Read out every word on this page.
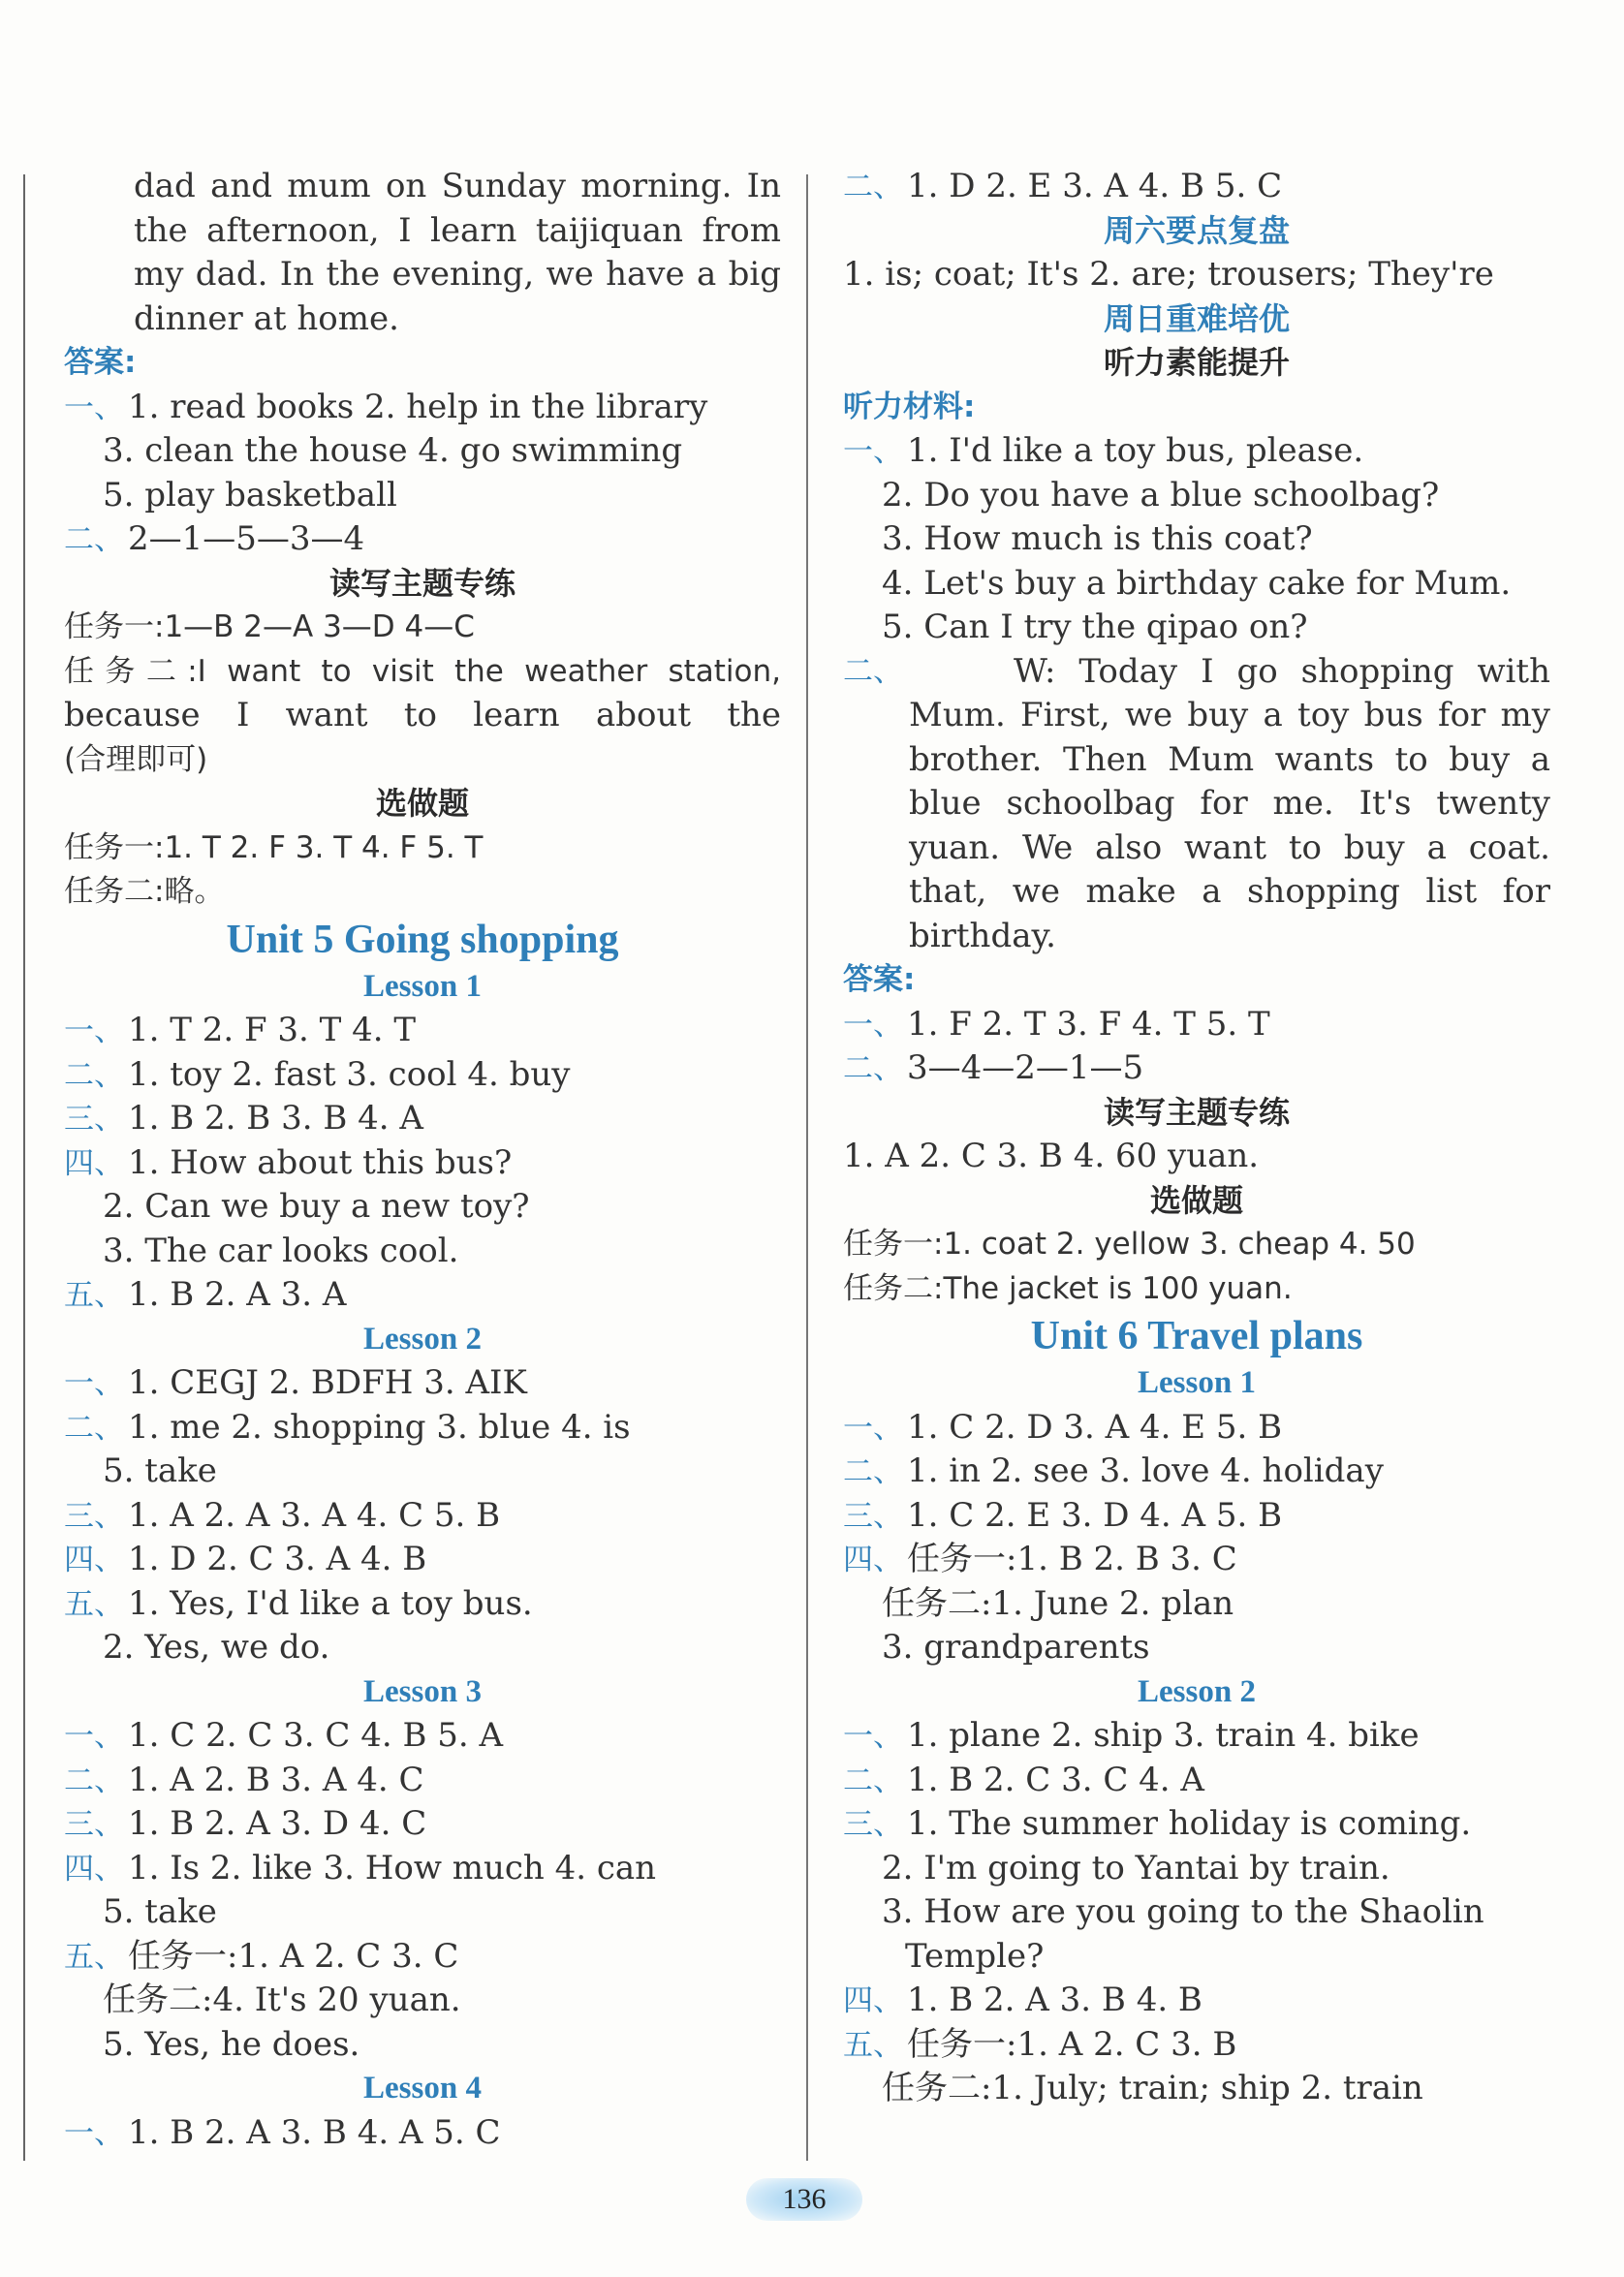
dad and mum on Sunday morning. In
the afternoon, I learn taijiquan from
my dad. In the evening, we have a big
dinner at home.
答案:
一、 1. read books 2. help in the library
3. clean the house 4. go swimming
5. play basketball
二、 2—1—5—3—4
读写主题专练
任务一:1—B 2—A 3—D 4—C
任务二:I want to visit the weather station,
because I want to learn about the
(合理即可)
选做题
任务一:1. T 2. F 3. T 4. F 5. T
任务二:略。
Unit 5 Going shopping
Lesson 1
一、 1. T 2. F 3. T 4. T
二、 1. toy 2. fast 3. cool 4. buy
三、 1. B 2. B 3. B 4. A
四、 1. How about this bus?
2. Can we buy a new toy?
3. The car looks cool.
五、 1. B 2. A 3. A
Lesson 2
一、 1. CEGJ 2. BDFH 3. AIK
二、 1. me 2. shopping 3. blue 4. is
5. take
三、 1. A 2. A 3. A 4. C 5. B
四、 1. D 2. C 3. A 4. B
五、 1. Yes, I'd like a toy bus.
2. Yes, we do.
Lesson 3
一、 1. C 2. C 3. C 4. B 5. A
二、 1. A 2. B 3. A 4. C
三、 1. B 2. A 3. D 4. C
四、 1. Is 2. like 3. How much 4. can
5. take
五、 任务一:1. A 2. C 3. C
任务二:4. It's 20 yuan.
5. Yes, he does.
Lesson 4
一、 1. B 2. A 3. B 4. A 5. C
二、 1. D 2. E 3. A 4. B 5. C
周六要点复盘
1. is; coat; It's 2. are; trousers; They're
周日重难培优
听力素能提升
听力材料:
一、 1. I'd like a toy bus, please.
2. Do you have a blue schoolbag?
3. How much is this coat?
4. Let's buy a birthday cake for Mum.
5. Can I try the qipao on?
二、	W: Today I go shopping with
Mum. First, we buy a toy bus for my
brother. Then Mum wants to buy a
blue schoolbag for me. It's twenty
yuan. We also want to buy a coat.
that, we make a shopping list for
birthday.
答案:
一、 1. F 2. T 3. F 4. T 5. T
二、 3—4—2—1—5
读写主题专练
1. A 2. C 3. B 4. 60 yuan.
选做题
任务一:1. coat 2. yellow 3. cheap 4. 50
任务二:The jacket is 100 yuan.
Unit 6 Travel plans
Lesson 1
一、 1. C 2. D 3. A 4. E 5. B
二、 1. in 2. see 3. love 4. holiday
三、 1. C 2. E 3. D 4. A 5. B
四、 任务一:1. B 2. B 3. C
任务二:1. June 2. plan
3. grandparents
Lesson 2
一、 1. plane 2. ship 3. train 4. bike
二、 1. B 2. C 3. C 4. A
三、 1. The summer holiday is coming.
2. I'm going to Yantai by train.
3. How are you going to the Shaolin
Temple?
四、 1. B 2. A 3. B 4. B
五、 任务一:1. A 2. C 3. B
任务二:1. July; train; ship 2. train
136
